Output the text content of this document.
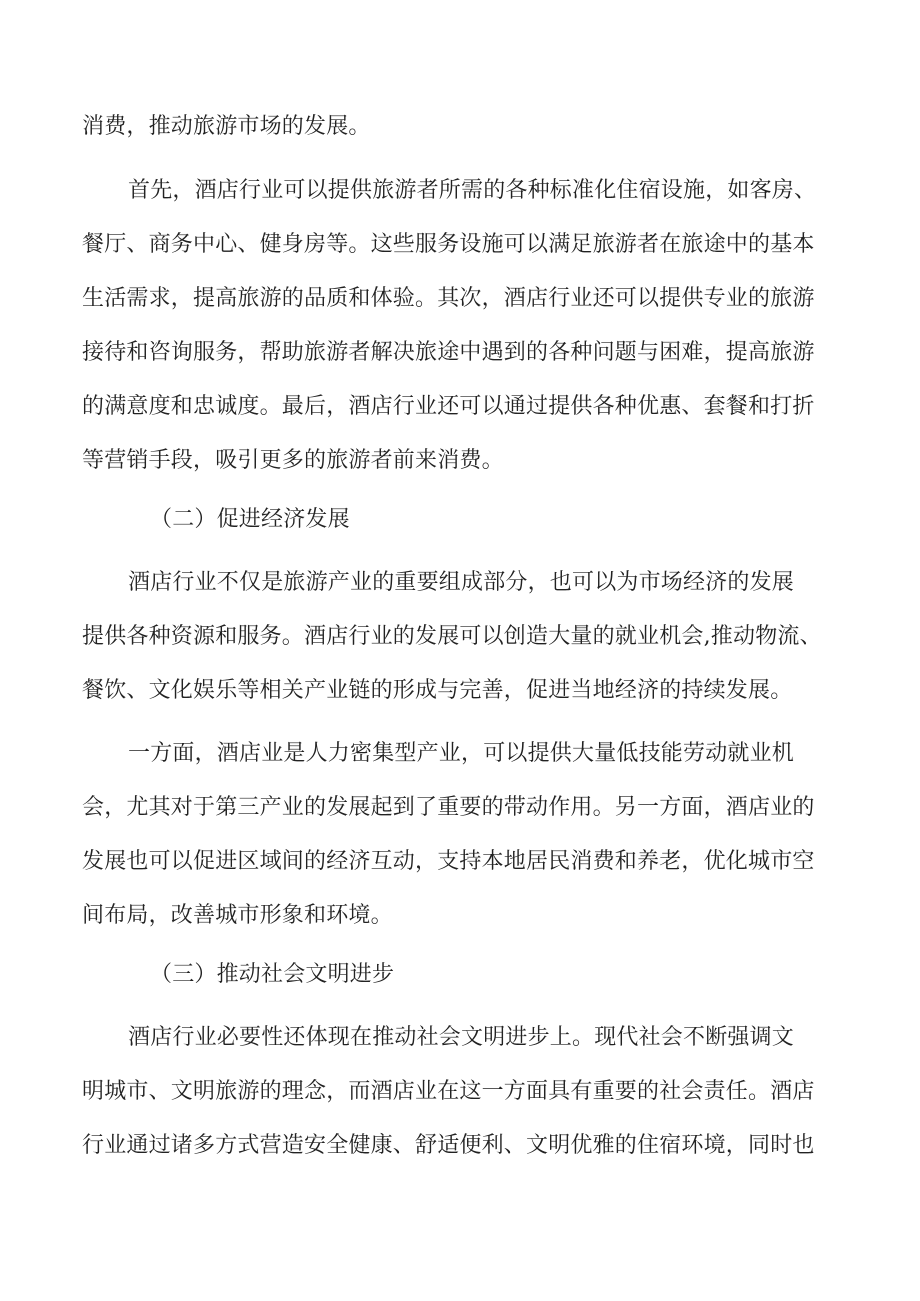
消费，推动旅游市场的发展。

首先，酒店行业可以提供旅游者所需的各种标准化住宿设施，如客房、

餐厅、商务中心、健身房等。这些服务设施可以满足旅游者在旅途中的基本

生活需求，提高旅游的品质和体验。其次，酒店行业还可以提供专业的旅游

接待和咨询服务，帮助旅游者解决旅途中遇到的各种问题与困难，提高旅游

的满意度和忠诚度。最后，酒店行业还可以通过提供各种优惠、套餐和打折

等营销手段，吸引更多的旅游者前来消费。

（二）促进经济发展

酒店行业不仅是旅游产业的重要组成部分，也可以为市场经济的发展

提供各种资源和服务。酒店行业的发展可以创造大量的就业机会,推动物流、

餐饮、文化娱乐等相关产业链的形成与完善，促进当地经济的持续发展。

一方面，酒店业是人力密集型产业，可以提供大量低技能劳动就业机

会，尤其对于第三产业的发展起到了重要的带动作用。另一方面，酒店业的

发展也可以促进区域间的经济互动，支持本地居民消费和养老，优化城市空

间布局，改善城市形象和环境。

（三）推动社会文明进步

酒店行业必要性还体现在推动社会文明进步上。现代社会不断强调文

明城市、文明旅游的理念，而酒店业在这一方面具有重要的社会责任。酒店

行业通过诸多方式营造安全健康、舒适便利、文明优雅的住宿环境，同时也
